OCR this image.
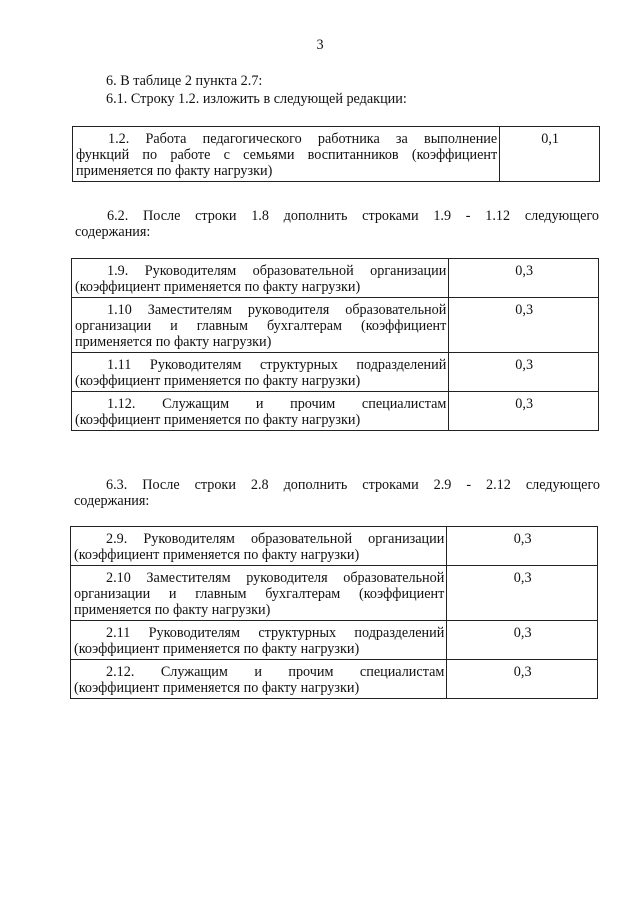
3
6. В таблице 2 пункта 2.7:
6.1. Строку 1.2. изложить в следующей редакции:
1.2. Работа педагогического работника за выполнение
функций по работе с семьями воспитанников (коэффициент
применяется по факту нагрузки)
	0,1
6.2. После строки 1.8 дополнить строками 1.9 - 1.12 следующего
содержания:
1.9. Руководителям образовательной организации
(коэффициент применяется по факту нагрузки)	0,3

1.10 Заместителям руководителя образовательной
организации и главным бухгалтерам (коэффициент
применяется по факту нагрузки)	0,3

1.11 Руководителям структурных подразделений
(коэффициент применяется по факту нагрузки)	0,3

1.12. Служащим и прочим специалистам
(коэффициент применяется по факту нагрузки)	0,3
6.3. После строки 2.8 дополнить строками 2.9 - 2.12 следующего
содержания:
2.9. Руководителям образовательной организации
(коэффициент применяется по факту нагрузки)	0,3

2.10 Заместителям руководителя образовательной
организации и главным бухгалтерам (коэффициент
применяется по факту нагрузки)	0,3

2.11 Руководителям структурных подразделений
(коэффициент применяется по факту нагрузки)	0,3

2.12. Служащим и прочим специалистам
(коэффициент применяется по факту нагрузки)	0,3
